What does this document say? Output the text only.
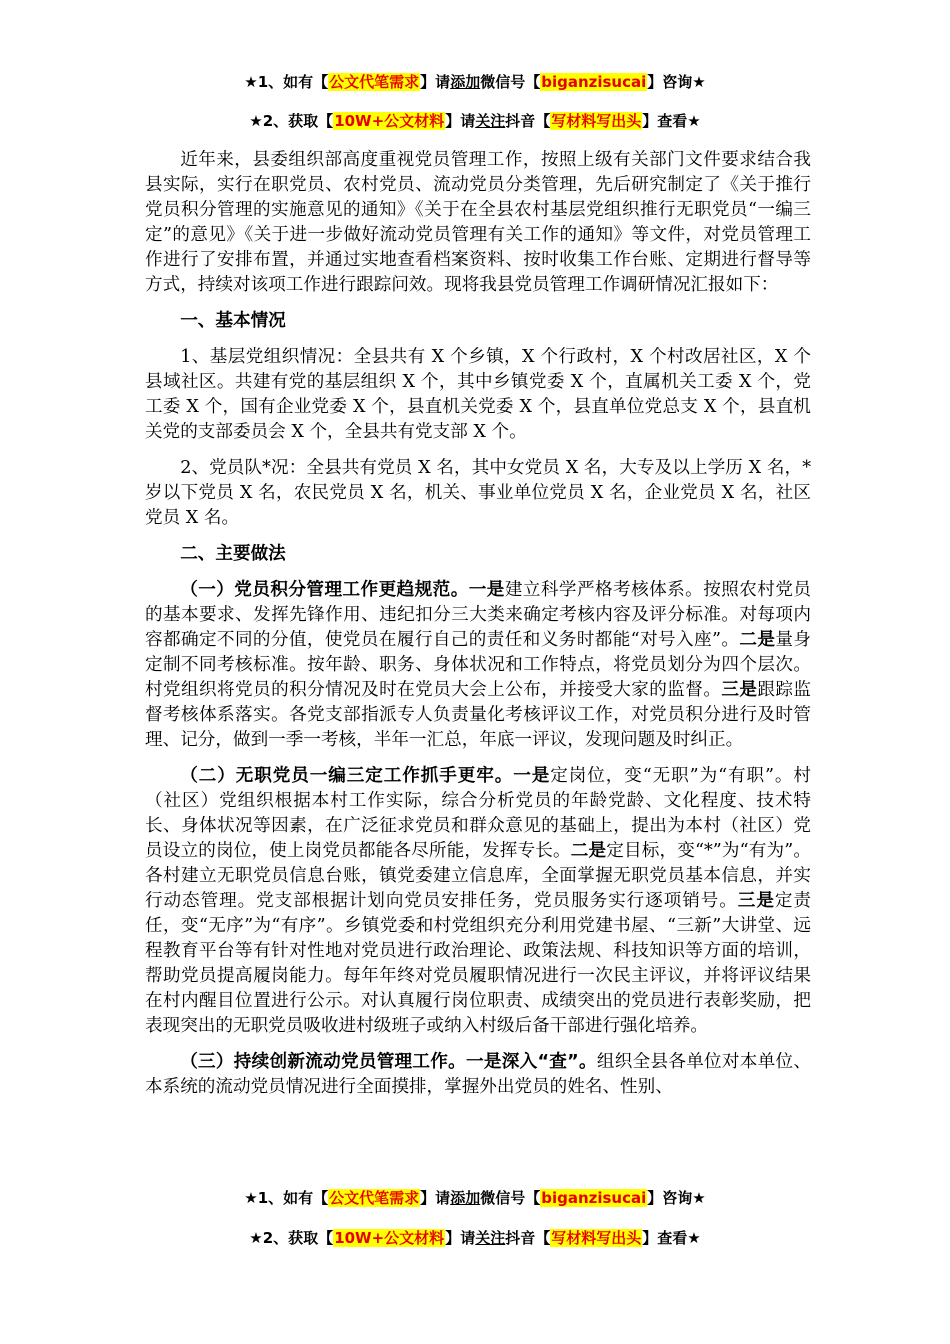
★1、如有【公文代笔需求】请添加微信号【biganzisucai】咨询★
★2、获取【10W+公文材料】请关注抖音【写材料写出头】查看★

近年来，县委组织部高度重视党员管理工作，按照上级有关部门文件要求结合我县实际，实行在职党员、农村党员、流动党员分类管理，先后研究制定了《关于推行党员积分管理的实施意见的通知》《关于在全县农村基层党组织推行无职党员“一编三定”的意见》《关于进一步做好流动党员管理有关工作的通知》等文件，对党员管理工作进行了安排布置，并通过实地查看档案资料、按时收集工作台账、定期进行督导等方式，持续对该项工作进行跟踪问效。现将我县党员管理工作调研情况汇报如下：

一、基本情况

1、基层党组织情况：全县共有 X 个乡镇，X 个行政村，X 个村改居社区，X 个县域社区。共建有党的基层组织 X 个，其中乡镇党委 X 个，直属机关工委 X 个，党工委 X 个，国有企业党委 X 个，县直机关党委 X 个，县直单位党总支 X 个，县直机关党的支部委员会 X 个，全县共有党支部 X 个。

2、党员队*况：全县共有党员 X 名，其中女党员 X 名，大专及以上学历 X 名，*岁以下党员 X 名，农民党员 X 名，机关、事业单位党员 X 名，企业党员 X 名，社区党员 X 名。

二、主要做法

（一）党员积分管理工作更趋规范。一是建立科学严格考核体系。按照农村党员的基本要求、发挥先锋作用、违纪扣分三大类来确定考核内容及评分标准。对每项内容都确定不同的分值，使党员在履行自己的责任和义务时都能“对号入座”。二是量身定制不同考核标准。按年龄、职务、身体状况和工作特点，将党员划分为四个层次。村党组织将党员的积分情况及时在党员大会上公布，并接受大家的监督。三是跟踪监督考核体系落实。各党支部指派专人负责量化考核评议工作，对党员积分进行及时管理、记分，做到一季一考核，半年一汇总，年底一评议，发现问题及时纠正。

（二）无职党员一编三定工作抓手更牢。一是定岗位，变“无职”为“有职”。村（社区）党组织根据本村工作实际，综合分析党员的年龄党龄、文化程度、技术特长、身体状况等因素，在广泛征求党员和群众意见的基础上，提出为本村（社区）党员设立的岗位，使上岗党员都能各尽所能，发挥专长。二是定目标，变“*”为“有为”。各村建立无职党员信息台账，镇党委建立信息库，全面掌握无职党员基本信息，并实行动态管理。党支部根据计划向党员安排任务，党员服务实行逐项销号。三是定责任，变“无序”为“有序”。乡镇党委和村党组织充分利用党建书屋、“三新”大讲堂、远程教育平台等有针对性地对党员进行政治理论、政策法规、科技知识等方面的培训，帮助党员提高履岗能力。每年年终对党员履职情况进行一次民主评议，并将评议结果在村内醒目位置进行公示。对认真履行岗位职责、成绩突出的党员进行表彰奖励，把表现突出的无职党员吸收进村级班子或纳入村级后备干部进行强化培养。

（三）持续创新流动党员管理工作。一是深入“查”。组织全县各单位对本单位、本系统的流动党员情况进行全面摸排，掌握外出党员的姓名、性别、

★1、如有【公文代笔需求】请添加微信号【biganzisucai】咨询★
★2、获取【10W+公文材料】请关注抖音【写材料写出头】查看★
